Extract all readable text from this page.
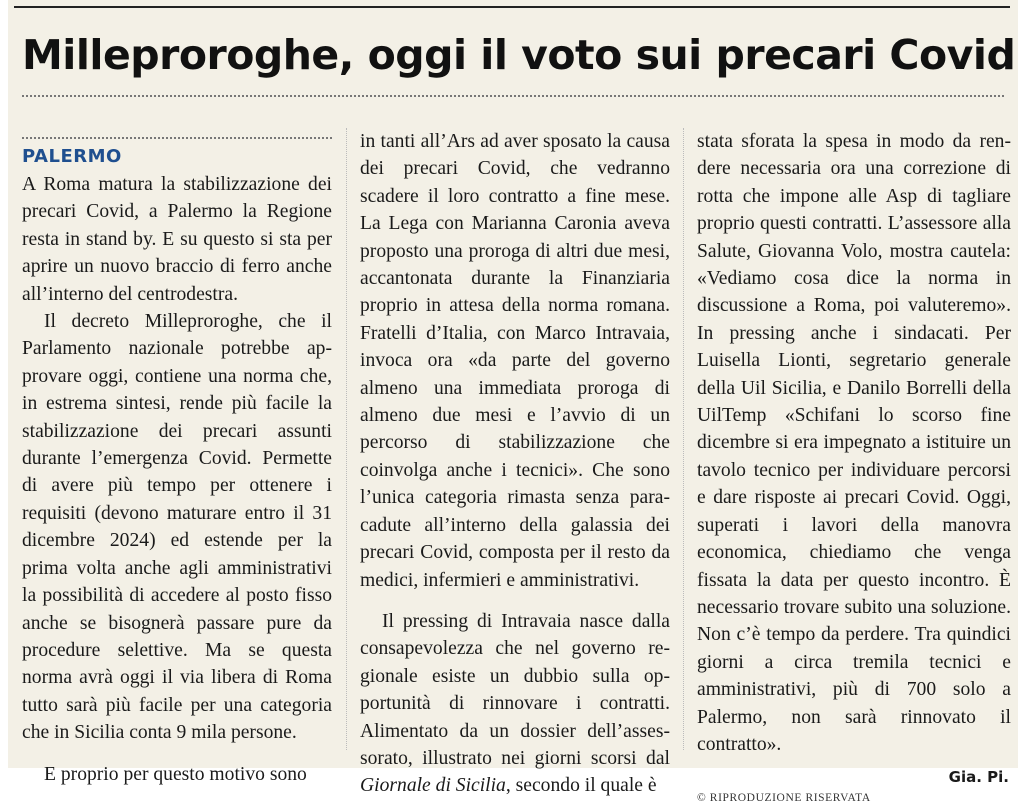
Milleproroghe, oggi il voto sui precari Covid
PALERMO

A Roma matura la stabilizzazione dei precari Covid, a Palermo la Regione resta in stand by. E su questo si sta per aprire un nuovo braccio di ferro anche all’interno del centrodestra.

Il decreto Milleproroghe, che il Parlamento nazionale potrebbe approvare oggi, contiene una norma che, in estrema sintesi, rende più facile la stabilizzazione dei precari assunti durante l’emergenza Covid. Permette di avere più tempo per ottenere i requisiti (devono maturare entro il 31 dicembre 2024) ed estende per la prima volta anche agli amministrativi la possibilità di accedere al posto fisso anche se bisognerà passare pure da procedure selettive. Ma se questa norma avrà oggi il via libera di Roma tutto sarà più facile per una categoria che in Sicilia conta 9 mila persone.

E proprio per questo motivo sono

in tanti all’Ars ad aver sposato la causa dei precari Covid, che vedranno scadere il loro contratto a fine mese. La Lega con Marianna Caronia aveva proposto una proroga di altri due mesi, accantonata durante la Finanziaria proprio in attesa della norma romana. Fratelli d’Italia, con Marco Intravaia, invoca ora «da parte del governo almeno una immediata proroga di almeno due mesi e l’avvio di un percorso di stabilizzazione che coinvolga anche i tecnici». Che sono l’unica categoria rimasta senza paracadute all’interno della galassia dei precari Covid, composta per il resto da medici, infermieri e amministrativi.

Il pressing di Intravaia nasce dalla consapevolezza che nel governo regionale esiste un dubbio sulla opportunità di rinnovare i contratti. Alimentato da un dossier dell’assessorato, illustrato nei giorni scorsi dal Giornale di Sicilia, secondo il quale è

stata sforata la spesa in modo da rendere necessaria ora una correzione di rotta che impone alle Asp di tagliare proprio questi contratti. L’assessore alla Salute, Giovanna Volo, mostra cautela: «Vediamo cosa dice la norma in discussione a Roma, poi valuteremo». In pressing anche i sindacati. Per Luisella Lionti, segretario generale della Uil Sicilia, e Danilo Borrelli della UilTemp «Schifani lo scorso fine dicembre si era impegnato a istituire un tavolo tecnico per individuare percorsi e dare risposte ai precari Covid. Oggi, superati i lavori della manovra economica, chiediamo che venga fissata la data per questo incontro. È necessario trovare subito una soluzione. Non c’è tempo da perdere. Tra quindici giorni a circa tremila tecnici e amministrativi, più di 700 solo a Palermo, non sarà rinnovato il contratto».

Gia. Pi.
© RIPRODUZIONE RISERVATA
